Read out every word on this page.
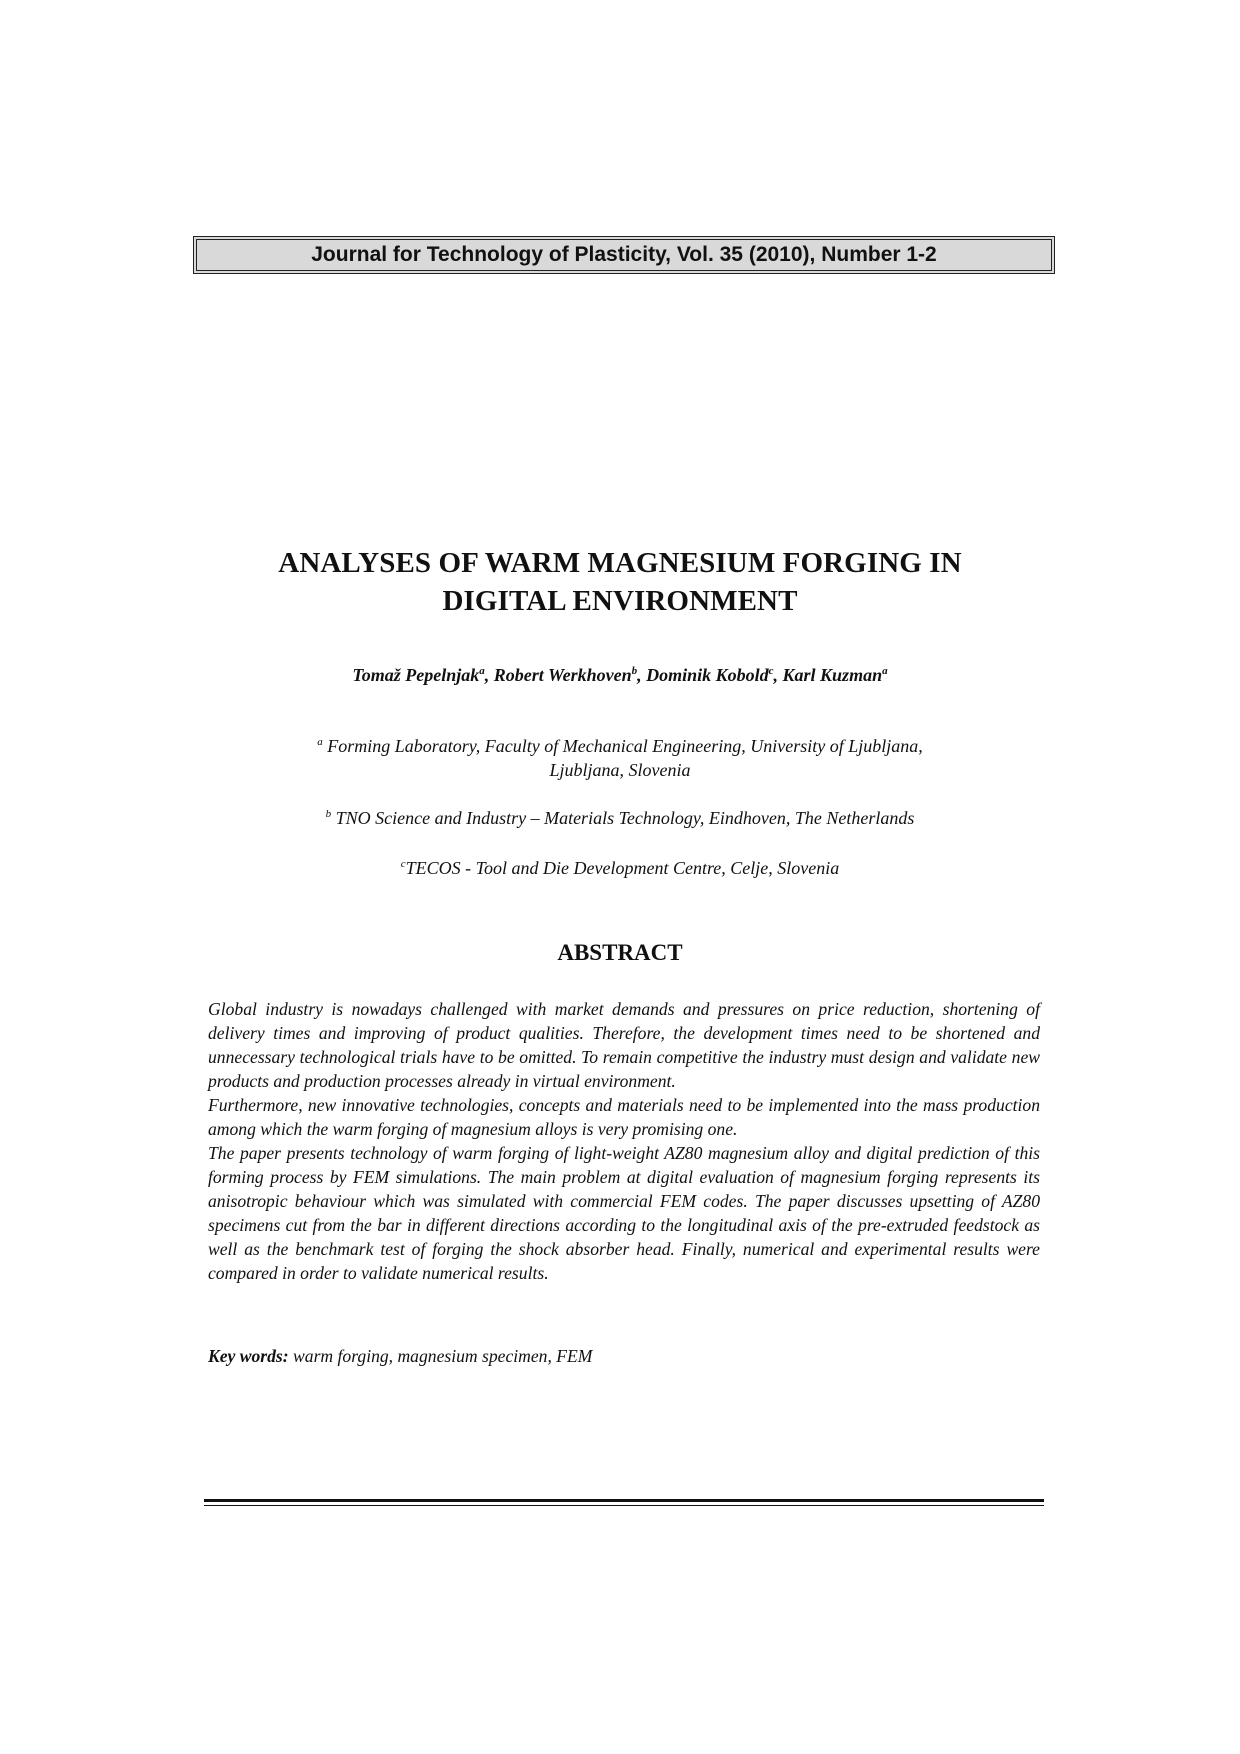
Journal for Technology of Plasticity, Vol. 35 (2010), Number 1-2
ANALYSES OF WARM MAGNESIUM FORGING IN
DIGITAL ENVIRONMENT
Tomaž Pepelnjak$^a$, Robert Werkhoven$^b$, Dominik Kobold$^c$, Karl Kuzman$^a$
$^a$ Forming Laboratory, Faculty of Mechanical Engineering, University of Ljubljana,
Ljubljana, Slovenia
$^b$ TNO Science and Industry – Materials Technology, Eindhoven, The Netherlands
$^c$TECOS - Tool and Die Development Centre, Celje, Slovenia
ABSTRACT

Global industry is nowadays challenged with market demands and pressures on price reduction, shortening of delivery times and improving of product qualities. Therefore, the development times need to be shortened and unnecessary technological trials have to be omitted. To remain competitive the industry must design and validate new products and production processes already in virtual environment.

Furthermore, new innovative technologies, concepts and materials need to be implemented into the mass production among which the warm forging of magnesium alloys is very promising one.

The paper presents technology of warm forging of light-weight AZ80 magnesium alloy and digital prediction of this forming process by FEM simulations. The main problem at digital evaluation of magnesium forging represents its anisotropic behaviour which was simulated with commercial FEM codes. The paper discusses upsetting of AZ80 specimens cut from the bar in different directions according to the longitudinal axis of the pre-extruded feedstock as well as the benchmark test of forging the shock absorber head. Finally, numerical and experimental results were compared in order to validate numerical results.

Key words: warm forging, magnesium specimen, FEM
